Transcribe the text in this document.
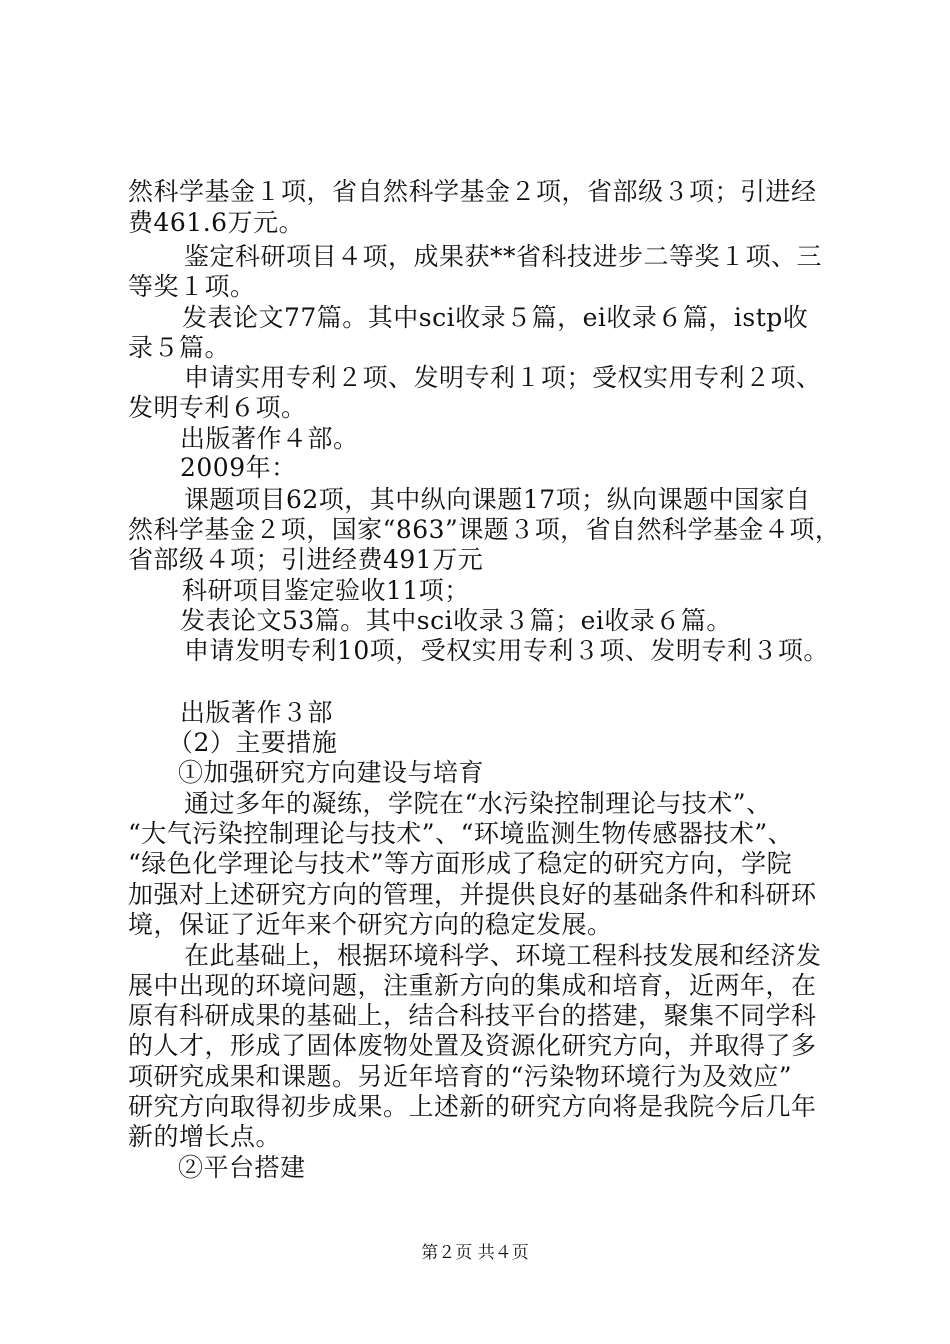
然科学基金１项，省自然科学基金２项，省部级３项；引进经
费461.6万元。
鉴定科研项目４项，成果获**省科技进步二等奖１项、三
等奖１项。
发表论文77篇。其中sci收录５篇，ei收录６篇，istp收
录５篇。
申请实用专利２项、发明专利１项；受权实用专利２项、
发明专利６项。
出版著作４部。
2009年：
课题项目62项，其中纵向课题17项；纵向课题中国家自
然科学基金２项，国家“863”课题３项，省自然科学基金４项，
省部级４项；引进经费491万元
科研项目鉴定验收11项；
发表论文53篇。其中sci收录３篇；ei收录６篇。
申请发明专利10项，受权实用专利３项、发明专利３项。
出版著作３部
（2）主要措施
①加强研究方向建设与培育
通过多年的凝练，学院在“水污染控制理论与技术”、
“大气污染控制理论与技术”、“环境监测生物传感器技术”、
“绿色化学理论与技术”等方面形成了稳定的研究方向，学院
加强对上述研究方向的管理，并提供良好的基础条件和科研环
境，保证了近年来个研究方向的稳定发展。
在此基础上，根据环境科学、环境工程科技发展和经济发
展中出现的环境问题，注重新方向的集成和培育，近两年，在
原有科研成果的基础上，结合科技平台的搭建，聚集不同学科
的人才，形成了固体废物处置及资源化研究方向，并取得了多
项研究成果和课题。另近年培育的“污染物环境行为及效应”
研究方向取得初步成果。上述新的研究方向将是我院今后几年
新的增长点。
②平台搭建
第２页 共４页
